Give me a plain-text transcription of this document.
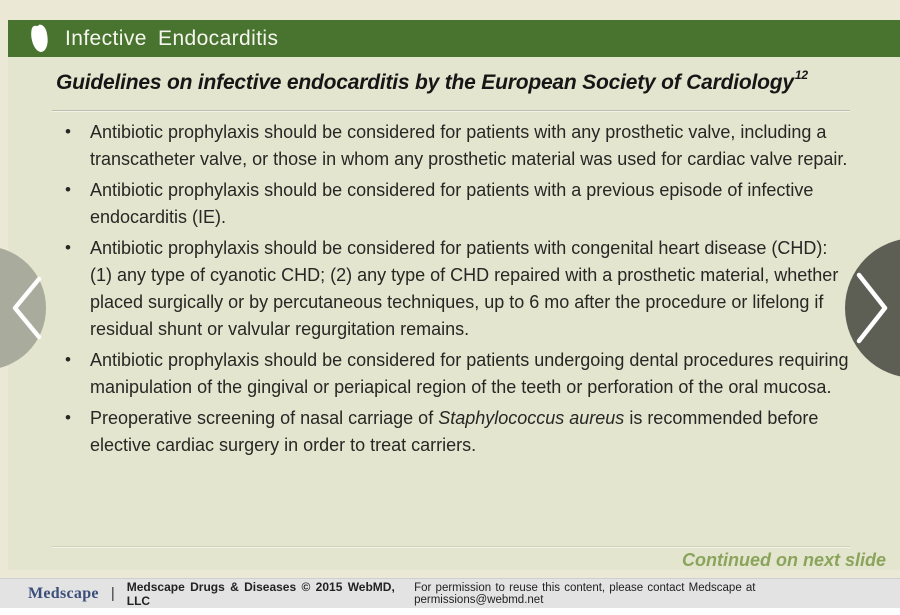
Infective Endocarditis
Guidelines on infective endocarditis by the European Society of Cardiology$^{12}$
• Antibiotic prophylaxis should be considered for patients with any prosthetic valve, including a transcatheter valve, or those in whom any prosthetic material was used for cardiac valve repair.
• Antibiotic prophylaxis should be considered for patients with a previous episode of infective endocarditis (IE).
• Antibiotic prophylaxis should be considered for patients with congenital heart disease (CHD): (1) any type of cyanotic CHD; (2) any type of CHD repaired with a prosthetic material, whether placed surgically or by percutaneous techniques, up to 6 mo after the procedure or lifelong if residual shunt or valvular regurgitation remains.
• Antibiotic prophylaxis should be considered for patients undergoing dental procedures requiring manipulation of the gingival or periapical region of the teeth or perforation of the oral mucosa.
• Preoperative screening of nasal carriage of Staphylococcus aureus is recommended before elective cardiac surgery in order to treat carriers.
Continued on next slide
Medscape | Medscape Drugs & Diseases © 2015 WebMD, LLC
For permission to reuse this content, please contact Medscape at permissions@webmd.net
